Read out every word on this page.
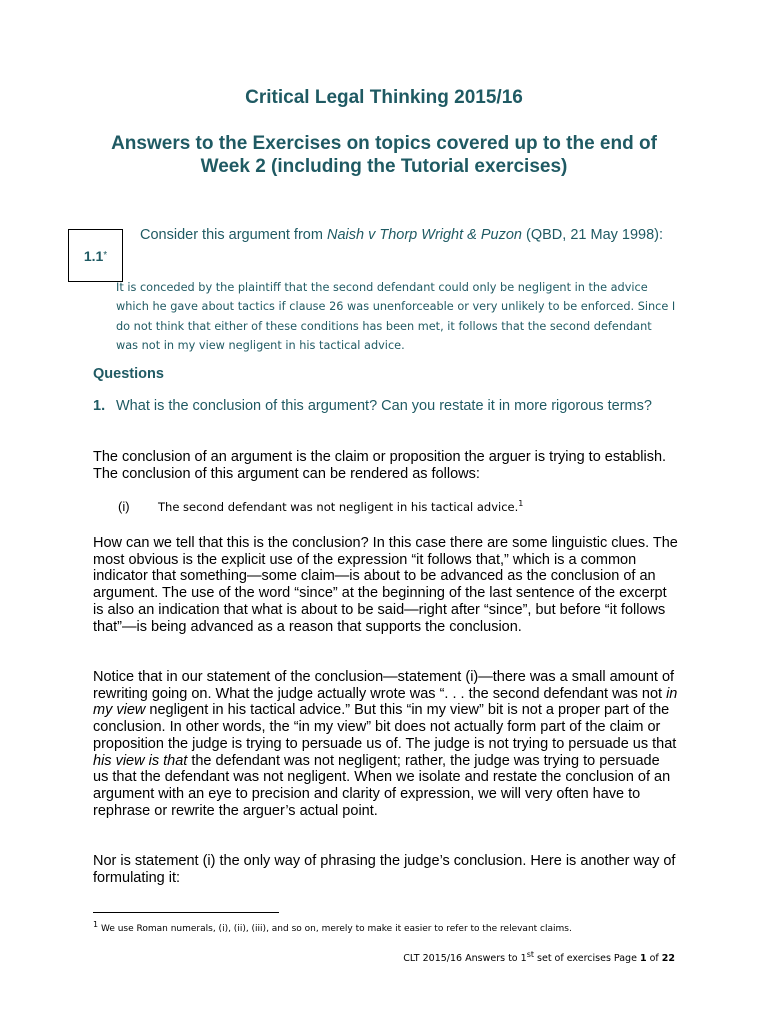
Critical Legal Thinking 2015/16
Answers to the Exercises on topics covered up to the end of Week 2 (including the Tutorial exercises)
1.1 *

Consider this argument from Naish v Thorp Wright & Puzon (QBD, 21 May 1998):

It is conceded by the plaintiff that the second defendant could only be negligent in the advice which he gave about tactics if clause 26 was unenforceable or very unlikely to be enforced. Since I do not think that either of these conditions has been met, it follows that the second defendant was not in my view negligent in his tactical advice.

Questions

1. What is the conclusion of this argument? Can you restate it in more rigorous terms?

The conclusion of an argument is the claim or proposition the arguer is trying to establish. The conclusion of this argument can be rendered as follows:

(i) The second defendant was not negligent in his tactical advice.$^1$

How can we tell that this is the conclusion? In this case there are some linguistic clues. The most obvious is the explicit use of the expression “it follows that,” which is a common indicator that something—some claim—is about to be advanced as the conclusion of an argument. The use of the word “since” at the beginning of the last sentence of the excerpt is also an indication that what is about to be said—right after “since”, but before “it follows that”—is being advanced as a reason that supports the conclusion.

Notice that in our statement of the conclusion—statement (i)—there was a small amount of rewriting going on. What the judge actually wrote was “. . . the second defendant was not in my view negligent in his tactical advice.” But this “in my view” bit is not a proper part of the conclusion. In other words, the “in my view” bit does not actually form part of the claim or proposition the judge is trying to persuade us of. The judge is not trying to persuade us that his view is that the defendant was not negligent; rather, the judge was trying to persuade us that the defendant was not negligent. When we isolate and restate the conclusion of an argument with an eye to precision and clarity of expression, we will very often have to rephrase or rewrite the arguer’s actual point.

Nor is statement (i) the only way of phrasing the judge’s conclusion. Here is another way of formulating it:

$^1$ We use Roman numerals, (i), (ii), (iii), and so on, merely to make it easier to refer to the relevant claims.

CLT 2015/16 Answers to 1st set of exercises Page 1 of 22
